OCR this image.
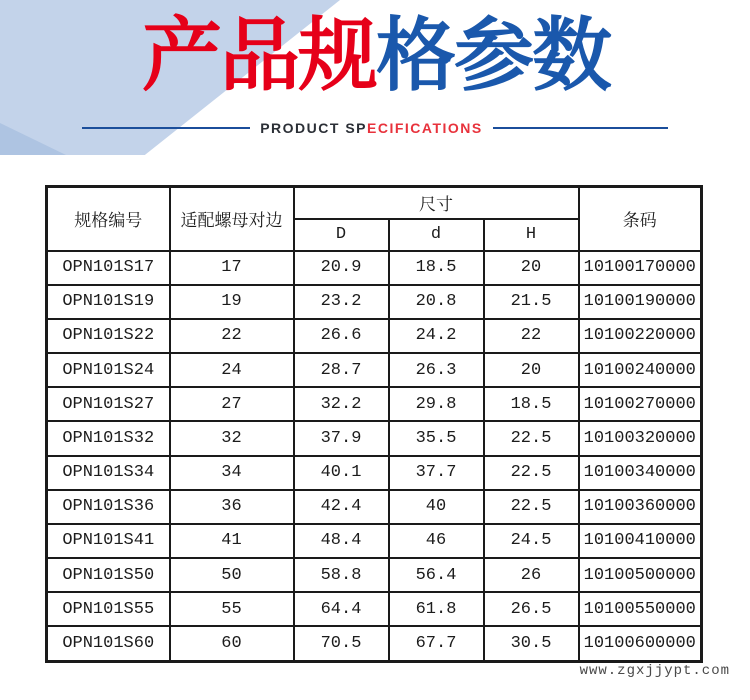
产品规格参数
PRODUCT SPECIFICATIONS
规格编号	适配螺母对边	尺寸			条码
		D	d	H	
OPN101S17	17	20.9	18.5	20	10100170000
OPN101S19	19	23.2	20.8	21.5	10100190000
OPN101S22	22	26.6	24.2	22	10100220000
OPN101S24	24	28.7	26.3	20	10100240000
OPN101S27	27	32.2	29.8	18.5	10100270000
OPN101S32	32	37.9	35.5	22.5	10100320000
OPN101S34	34	40.1	37.7	22.5	10100340000
OPN101S36	36	42.4	40	22.5	10100360000
OPN101S41	41	48.4	46	24.5	10100410000
OPN101S50	50	58.8	56.4	26	10100500000
OPN101S55	55	64.4	61.8	26.5	10100550000
OPN101S60	60	70.5	67.7	30.5	10100600000
www.zgxjjypt.com
